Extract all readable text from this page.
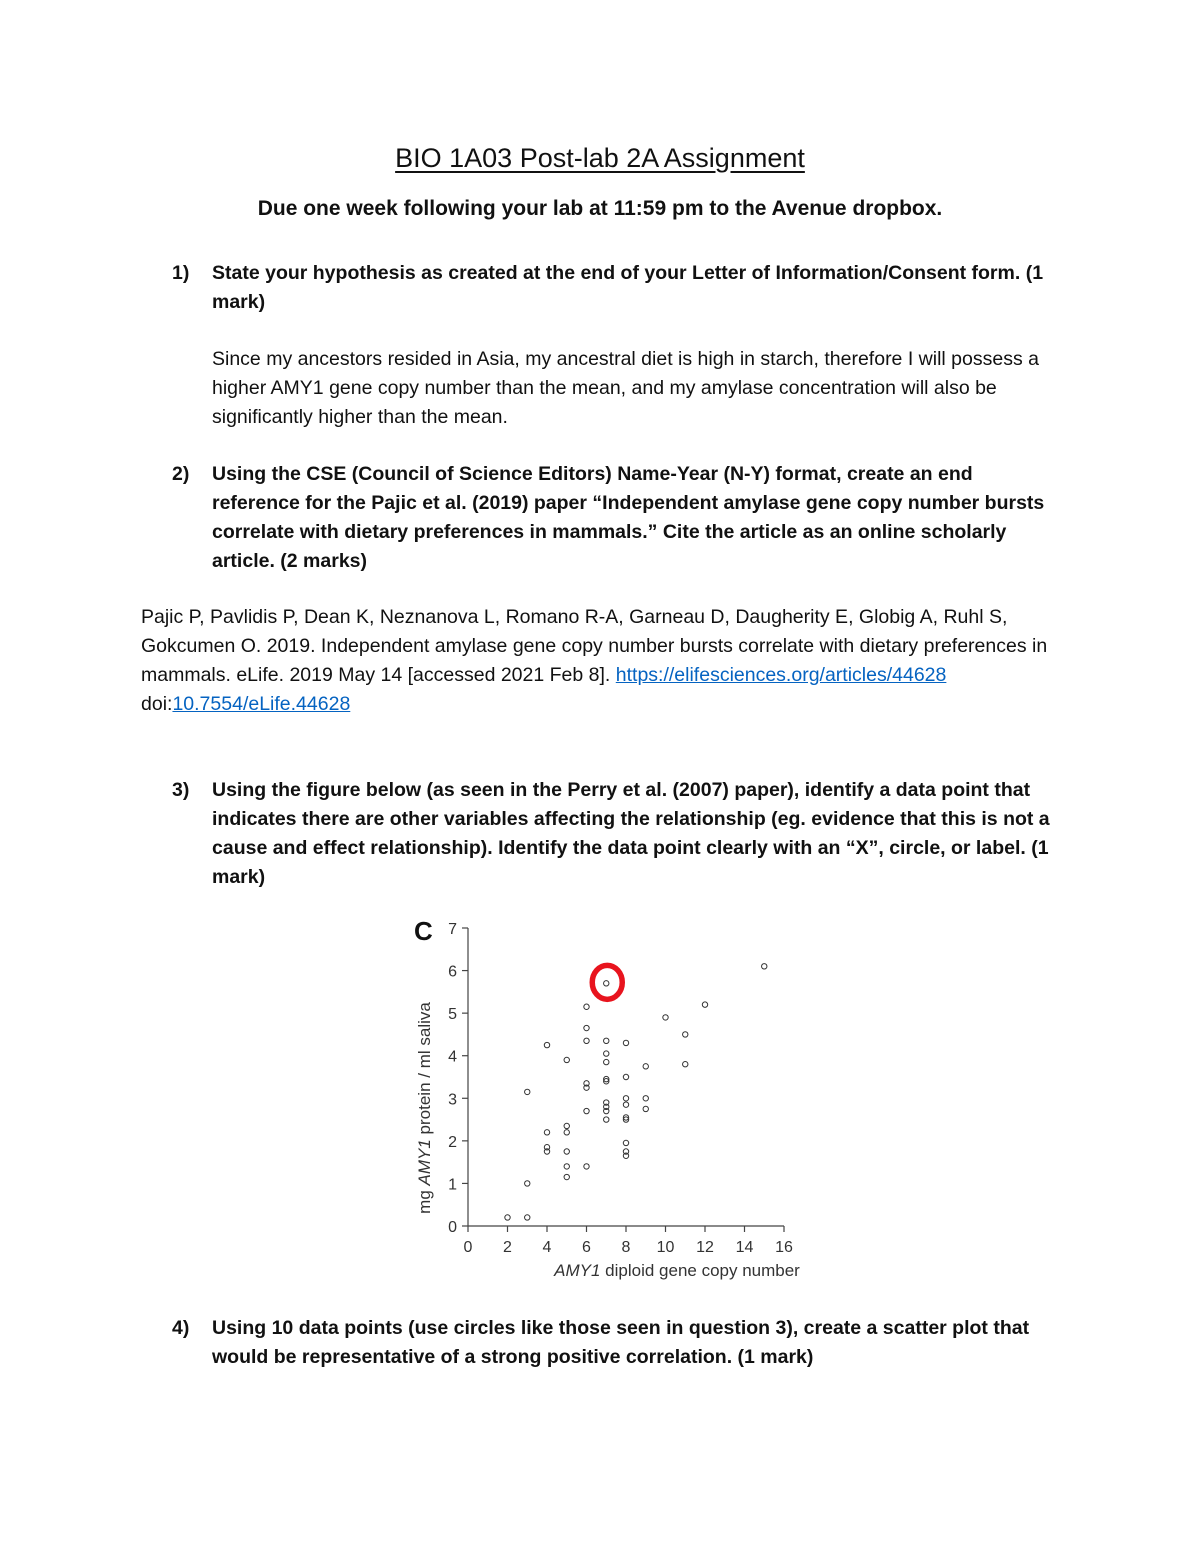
BIO 1A03 Post-lab 2A Assignment
Due one week following your lab at 11:59 pm to the Avenue dropbox.
1) State your hypothesis as created at the end of your Letter of Information/Consent form. (1 mark)
Since my ancestors resided in Asia, my ancestral diet is high in starch, therefore I will possess a higher AMY1 gene copy number than the mean, and my amylase concentration will also be significantly higher than the mean.
2) Using the CSE (Council of Science Editors) Name-Year (N-Y) format, create an end reference for the Pajic et al. (2019) paper “Independent amylase gene copy number bursts correlate with dietary preferences in mammals.” Cite the article as an online scholarly article. (2 marks)
Pajic P, Pavlidis P, Dean K, Neznanova L, Romano R-A, Garneau D, Daugherity E, Globig A, Ruhl S, Gokcumen O. 2019. Independent amylase gene copy number bursts correlate with dietary preferences in mammals. eLife. 2019 May 14 [accessed 2021 Feb 8]. https://elifesciences.org/articles/44628 doi:10.7554/eLife.44628
3) Using the figure below (as seen in the Perry et al. (2007) paper), identify a data point that indicates there are other variables affecting the relationship (eg. evidence that this is not a cause and effect relationship). Identify the data point clearly with an “X”, circle, or label. (1 mark)
C
0 2 4 6 8 10 12 14 16
0
1
2
3
4
5
6
7
AMY1 diploid gene copy number
mg AMY1 protein / ml saliva
4) Using 10 data points (use circles like those seen in question 3), create a scatter plot that would be representative of a strong positive correlation. (1 mark)
